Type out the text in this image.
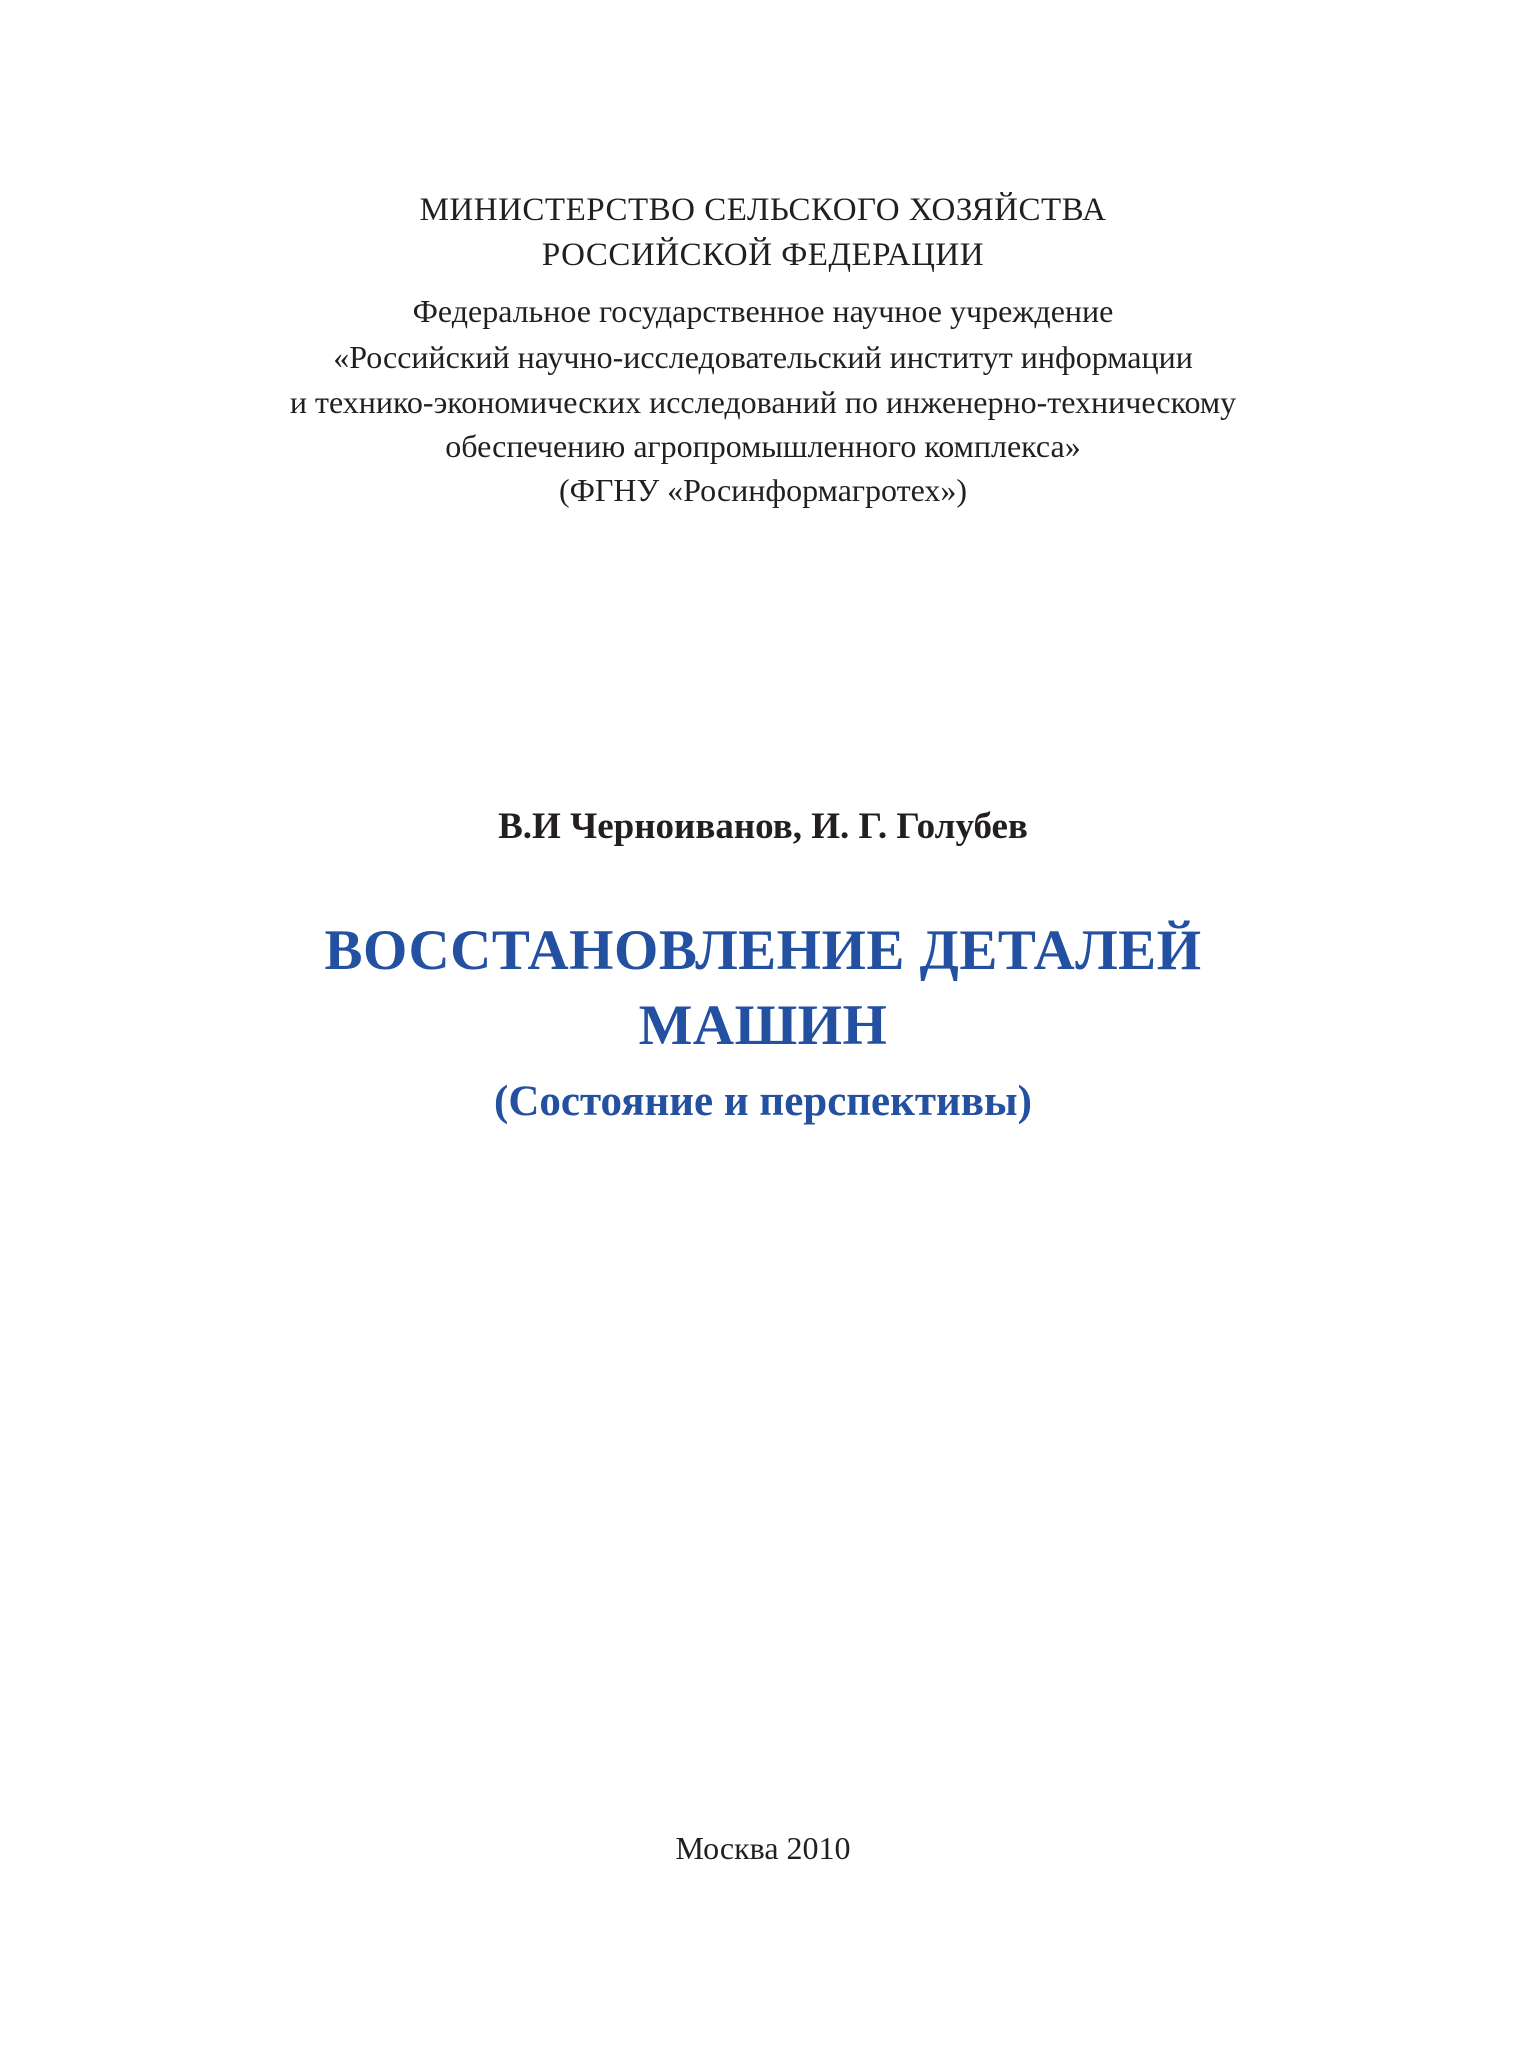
МИНИСТЕРСТВО СЕЛЬСКОГО ХОЗЯЙСТВА
РОССИЙСКОЙ ФЕДЕРАЦИИ
Федеральное государственное научное учреждение
«Российский научно-исследовательский институт информации
и технико-экономических исследований по инженерно-техническому
обеспечению агропромышленного комплекса»
(ФГНУ «Росинформагротех»)
В.И Черноиванов, И. Г. Голубев
ВОССТАНОВЛЕНИЕ ДЕТАЛЕЙ
МАШИН
(Состояние и перспективы)
Москва 2010
